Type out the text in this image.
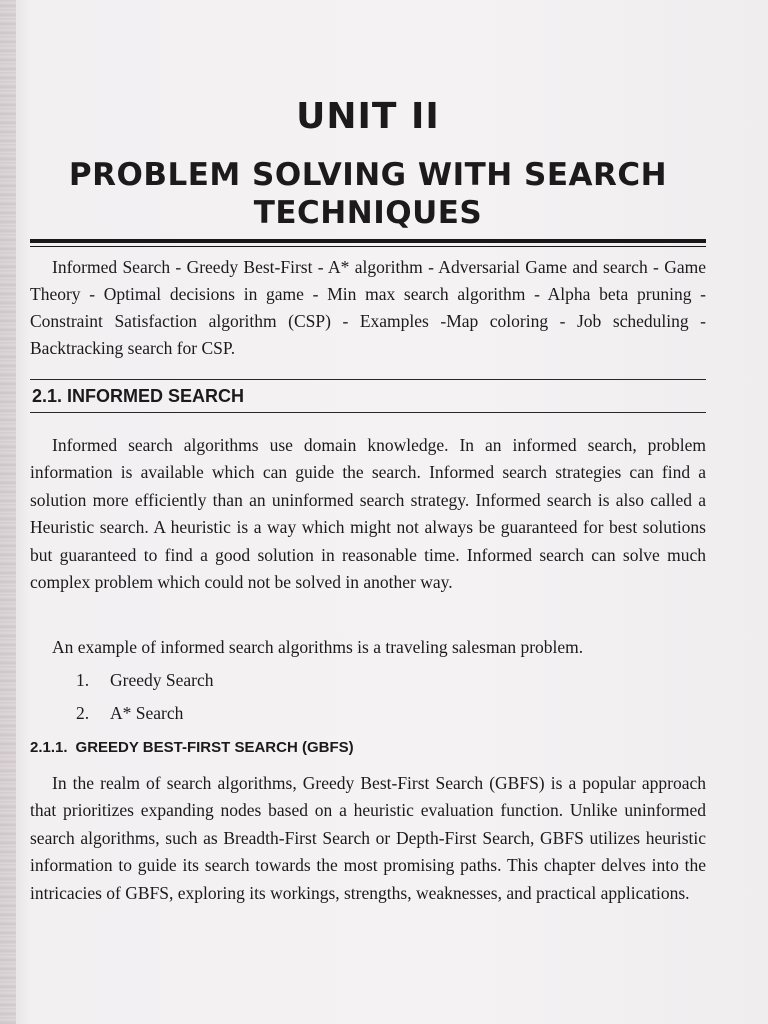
UNIT II
PROBLEM SOLVING WITH SEARCH TECHNIQUES

Informed Search - Greedy Best-First - A* algorithm - Adversarial Game and search - Game Theory - Optimal decisions in game - Min max search algorithm - Alpha beta pruning - Constraint Satisfaction algorithm (CSP) - Examples -Map coloring - Job scheduling - Backtracking search for CSP.

2.1. INFORMED SEARCH

Informed search algorithms use domain knowledge. In an informed search, problem information is available which can guide the search. Informed search strategies can find a solution more efficiently than an uninformed search strategy. Informed search is also called a Heuristic search. A heuristic is a way which might not always be guaranteed for best solutions but guaranteed to find a good solution in reasonable time. Informed search can solve much complex problem which could not be solved in another way.

An example of informed search algorithms is a traveling salesman problem.

1.	Greedy Search
2.	A* Search
2.1.1. GREEDY BEST-FIRST SEARCH (GBFS)

In the realm of search algorithms, Greedy Best-First Search (GBFS) is a popular approach that prioritizes expanding nodes based on a heuristic evaluation function. Unlike uninformed search algorithms, such as Breadth-First Search or Depth-First Search, GBFS utilizes heuristic information to guide its search towards the most promising paths. This chapter delves into the intricacies of GBFS, exploring its workings, strengths, weaknesses, and practical applications.
